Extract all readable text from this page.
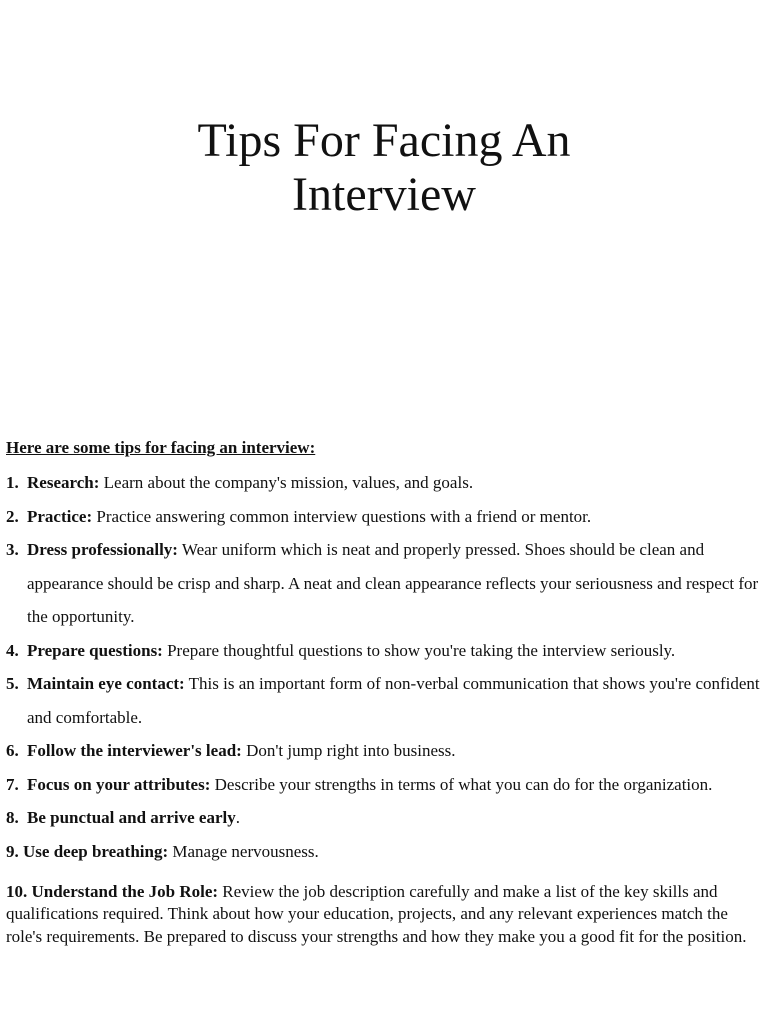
Tips For Facing An
Interview

Here are some tips for facing an interview:

1. Research: Learn about the company's mission, values, and goals.
2. Practice: Practice answering common interview questions with a friend or mentor.
3. Dress professionally: Wear uniform which is neat and properly pressed. Shoes should be clean and appearance should be crisp and sharp. A neat and clean appearance reflects your seriousness and respect for the opportunity.
4. Prepare questions: Prepare thoughtful questions to show you're taking the interview seriously.
5. Maintain eye contact: This is an important form of non-verbal communication that shows you're confident and comfortable.
6. Follow the interviewer's lead: Don't jump right into business.
7. Focus on your attributes: Describe your strengths in terms of what you can do for the organization.
8. Be punctual and arrive early.

9. Use deep breathing: Manage nervousness.

10. Understand the Job Role: Review the job description carefully and make a list of the key skills and qualifications required. Think about how your education, projects, and any relevant experiences match the role's requirements. Be prepared to discuss your strengths and how they make you a good fit for the position.
